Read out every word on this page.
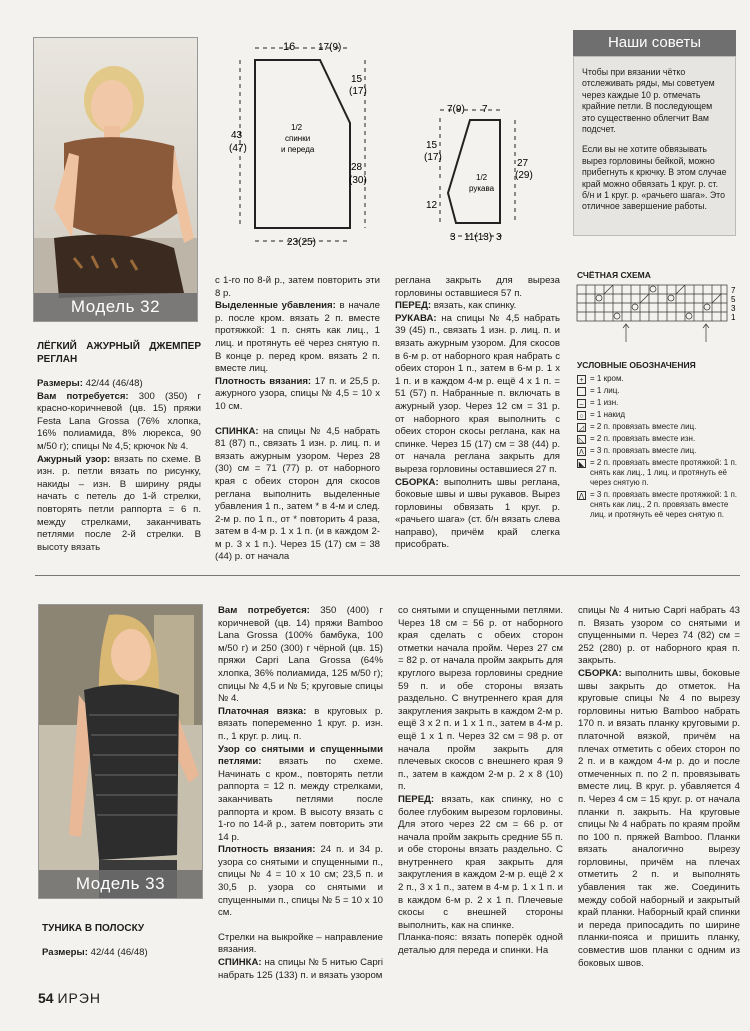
Модель 32
16 17(9)
15
(17)
43
(47)
28
(30)
23(25)
1/2
спинки
и переда
7(9) 7
15
(17)
12
27
(29)
3 11(13) 3
1/2
рукава
Наши советы

Чтобы при вязании чётко отслеживать ряды, мы советуем через каждые 10 р. отмечать крайние петли. В последующем это существенно облегчит Вам подсчет.

Если вы не хотите обвязывать вырез горловины бейкой, можно прибегнуть к крючку. В этом случае край можно обвязать 1 круг. р. ст. б/н и 1 круг. р. «рачьего шага». Это отличное завершение работы.

СЧЁТНАЯ СХЕМА
7
5
3
1
УСЛОВНЫЕ ОБОЗНАЧЕНИЯ
+ = 1 кром.
= 1 лиц.
– = 1 изн.
○ = 1 накид
◿ = 2 п. провязать вместе лиц.
◺ = 2 п. провязать вместе изн.
Λ = 3 п. провязать вместе лиц.
◣ = 2 п. провязать вместе протяжкой: 1 п. снять как лиц., 1 лиц. и протянуть её через снятую п.
⋀ = 3 п. провязать вместе протяжкой: 1 п. снять как лиц., 2 п. провязать вместе лиц. и протянуть её через снятую п.

ЛЁГКИЙ АЖУРНЫЙ ДЖЕМПЕР РЕГЛАН

Размеры: 42/44 (46/48)

Вам потребуется: 300 (350) г красно-коричневой (цв. 15) пряжи Festa Lana Grossa (76% хлопка, 16% полиамида, 8% люрекса, 90 м/50 г); спицы № 4,5; крючок № 4.

Ажурный узор: вязать по схеме. В изн. р. петли вязать по рисунку, накиды – изн. В ширину ряды начать с петель до 1-й стрелки, повторять петли раппорта = 6 п. между стрелками, заканчивать петлями после 2-й стрелки. В высоту вязать

с 1-го по 8-й р., затем повторить эти 8 р.

Выделенные убавления: в начале р. после кром. вязать 2 п. вместе протяжкой: 1 п. снять как лиц., 1 лиц. и протянуть её через снятую п. В конце р. перед кром. вязать 2 п. вместе лиц.

Плотность вязания: 17 п. и 25,5 р. ажурного узора, спицы № 4,5 = 10 х 10 см.

СПИНКА: на спицы № 4,5 набрать 81 (87) п., связать 1 изн. р. лиц. п. и вязать ажурным узором. Через 28 (30) см = 71 (77) р. от наборного края с обеих сторон для скосов реглана выполнить выделенные убавления 1 п., затем * в 4-м и след. 2-м р. по 1 п., от * повторить 4 раза, затем в 4-м р. 1 х 1 п. (и в каждом 2-м р. 3 х 1 п.). Через 15 (17) см = 38 (44) р. от начала

реглана закрыть для выреза горловины оставшиеся 57 п.

ПЕРЕД: вязать, как спинку.

РУКАВА: на спицы № 4,5 набрать 39 (45) п., связать 1 изн. р. лиц. п. и вязать ажурным узором. Для скосов в 6-м р. от наборного края набрать с обеих сторон 1 п., затем в 6-м р. 1 х 1 п. и в каждом 4-м р. ещё 4 х 1 п. = 51 (57) п. Набранные п. включать в ажурный узор. Через 12 см = 31 р. от наборного края выполнить с обеих сторон скосы реглана, как на спинке. Через 15 (17) см = 38 (44) р. от начала реглана закрыть для выреза горловины оставшиеся 27 п.

СБОРКА: выполнить швы реглана, боковые швы и швы рукавов. Вырез горловины обвязать 1 круг. р. «рачьего шага» (ст. б/н вязать слева направо), причём край слегка присобрать.

Модель 33

ТУНИКА В ПОЛОСКУ

Размеры: 42/44 (46/48)

Вам потребуется: 350 (400) г коричневой (цв. 14) пряжи Bamboo Lana Grossa (100% бамбука, 100 м/50 г) и 250 (300) г чёрной (цв. 15) пряжи Capri Lana Grossa (64% хлопка, 36% полиамида, 125 м/50 г); спицы № 4,5 и № 5; круговые спицы № 4.

Платочная вязка: в круговых р. вязать попеременно 1 круг. р. изн. п., 1 круг. р. лиц. п.

Узор со снятыми и спущенными петлями: вязать по схеме. Начинать с кром., повторять петли раппорта = 12 п. между стрелками, заканчивать петлями после раппорта и кром. В высоту вязать с 1-го по 14-й р., затем повторить эти 14 р.

Плотность вязания: 24 п. и 34 р. узора со снятыми и спущенными п., спицы № 4 = 10 х 10 см; 23,5 п. и 30,5 р. узора со снятыми и спущенными п., спицы № 5 = 10 х 10 см.

Стрелки на выкройке – направление вязания.

СПИНКА: на спицы № 5 нитью Capri набрать 125 (133) п. и вязать узором

со снятыми и спущенными петлями. Через 18 см = 56 р. от наборного края сделать с обеих сторон отметки начала пройм. Через 27 см = 82 р. от начала пройм закрыть для круглого выреза горловины средние 59 п. и обе стороны вязать раздельно. С внутреннего края для закругления закрыть в каждом 2-м р. ещё 3 х 2 п. и 1 х 1 п., затем в 4-м р. ещё 1 х 1 п. Через 32 см = 98 р. от начала пройм закрыть для плечевых скосов с внешнего края 9 п., затем в каждом 2-м р. 2 х 8 (10) п.

ПЕРЕД: вязать, как спинку, но с более глубоким вырезом горловины. Для этого через 22 см = 66 р. от начала пройм закрыть средние 55 п. и обе стороны вязать раздельно. С внутреннего края закрыть для закругления в каждом 2-м р. ещё 2 х 2 п., 3 х 1 п., затем в 4-м р. 1 х 1 п. и в каждом 6-м р. 2 х 1 п. Плечевые скосы с внешней стороны выполнить, как на спинке.

Планка-пояс: вязать поперёк одной деталью для переда и спинки. На

спицы № 4 нитью Capri набрать 43 п. Вязать узором со снятыми и спущенными п. Через 74 (82) см = 252 (280) р. от наборного края п. закрыть.

СБОРКА: выполнить швы, боковые швы закрыть до отметок. На круговые спицы № 4 по вырезу горловины нитью Bamboo набрать 170 п. и вязать планку круговыми р. платочной вязкой, причём на плечах отметить с обеих сторон по 2 п. и в каждом 4-м р. до и после отмеченных п. по 2 п. провязывать вместе лиц. В круг. р. убавляется 4 п. Через 4 см = 15 круг. р. от начала планки п. закрыть. На круговые спицы № 4 набрать по краям пройм по 100 п. пряжей Bamboo. Планки вязать аналогично вырезу горловины, причём на плечах отметить 2 п. и выполнять убавления так же. Соединить между собой наборный и закрытый край планки. Наборный край спинки и переда припосадить по ширине планки-пояса и пришить планку, совместив шов планки с одним из боковых швов.

54 ИРЭН
